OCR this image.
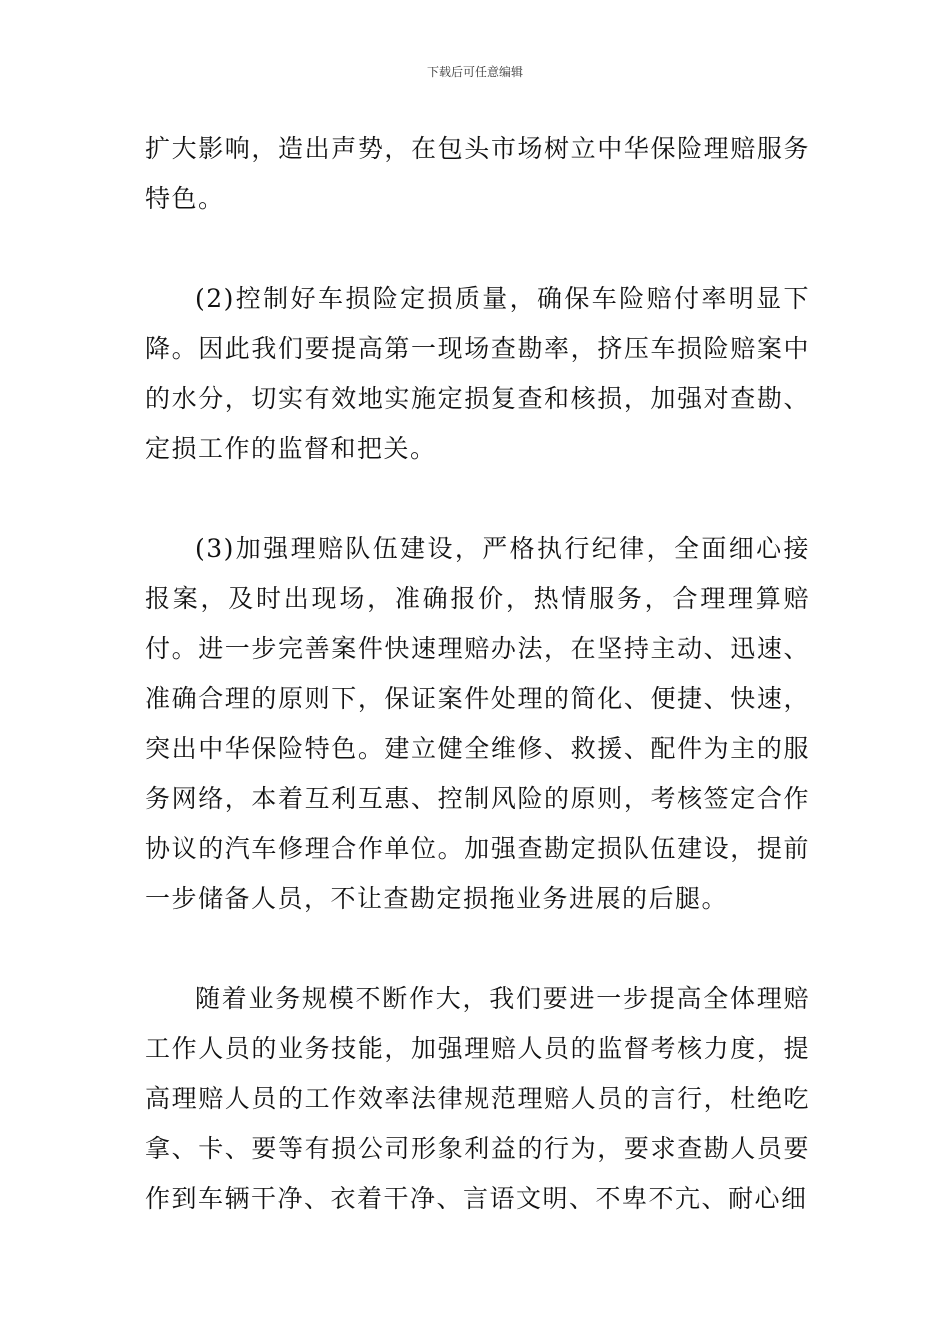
下载后可任意编辑

扩大影响，造出声势，在包头市场树立中华保险理赔服务特色。

(2)控制好车损险定损质量，确保车险赔付率明显下降。因此我们要提高第一现场查勘率，挤压车损险赔案中的水分，切实有效地实施定损复查和核损，加强对查勘、定损工作的监督和把关。

(3)加强理赔队伍建设，严格执行纪律，全面细心接报案，及时出现场，准确报价，热情服务，合理理算赔付。进一步完善案件快速理赔办法，在坚持主动、迅速、准确合理的原则下，保证案件处理的简化、便捷、快速，突出中华保险特色。建立健全维修、救援、配件为主的服务网络，本着互利互惠、控制风险的原则，考核签定合作协议的汽车修理合作单位。加强查勘定损队伍建设，提前一步储备人员，不让查勘定损拖业务进展的后腿。

随着业务规模不断作大，我们要进一步提高全体理赔工作人员的业务技能，加强理赔人员的监督考核力度，提高理赔人员的工作效率法律规范理赔人员的言行，杜绝吃拿、卡、要等有损公司形象利益的行为，要求查勘人员要作到车辆干净、衣着干净、言语文明、不卑不亢、耐心细
